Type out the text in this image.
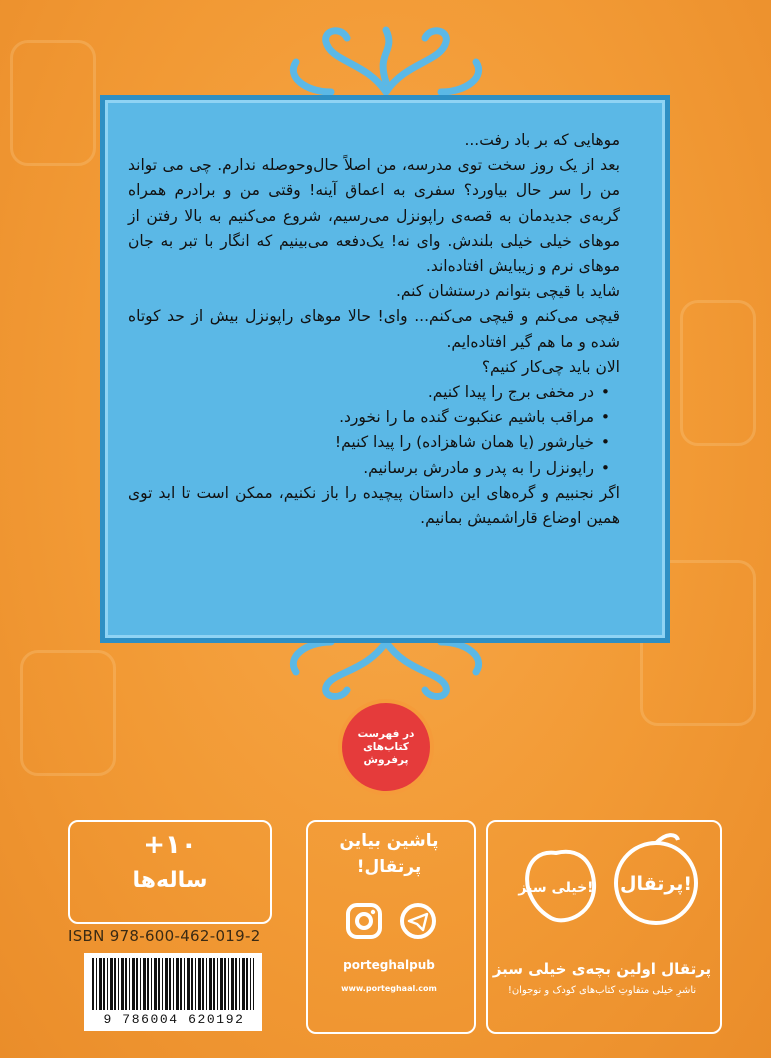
موهایی که بر باد رفت...

بعد از یک روز سخت توی مدرسه، من اصلاً حال‌وحوصله ندارم. چی می تواند من را سر حال بیاورد؟ سفری به اعماق آینه! وقتی من و برادرم همراه گربه‌ی جدیدمان به قصه‌ی راپونزل می‌رسیم، شروع می‌کنیم به بالا رفتن از موهای خیلی خیلی بلندش. وای نه! یک‌دفعه می‌بینیم که انگار با تبر به جان موهای نرم و زیبایش افتاده‌اند.

شاید با قیچی بتوانم درستشان کنم.

قیچی می‌کنم و قیچی می‌کنم... وای! حالا موهای راپونزل بیش از حد کوتاه شده و ما هم گیر افتاده‌ایم.

الان باید چی‌کار کنیم؟

• در مخفی برج را پیدا کنیم.
• مراقب باشیم عنکبوت گنده ما را نخورد.
• خیارشور (یا همان شاهزاده) را پیدا کنیم!
• راپونزل را به پدر و مادرش برسانیم.

اگر نجنبیم و گره‌های این داستان پیچیده را باز نکنیم، ممکن است تا ابد توی همین اوضاع قاراشمیش بمانیم.

در فهرست کتاب‌های پرفروش
+۱۰
ساله‌ها
ISBN 978-600-462-019-2
9 786004 620192
پاشین بیاین
پرتقال!
porteghalpub
www.porteghaal.com
پرتقال!
خیلی سبز!
پرتقال اولین بچه‌ی خیلی سبز
ناشرِ خیلی متفاوتِ کتاب‌های کودک و نوجوان!
